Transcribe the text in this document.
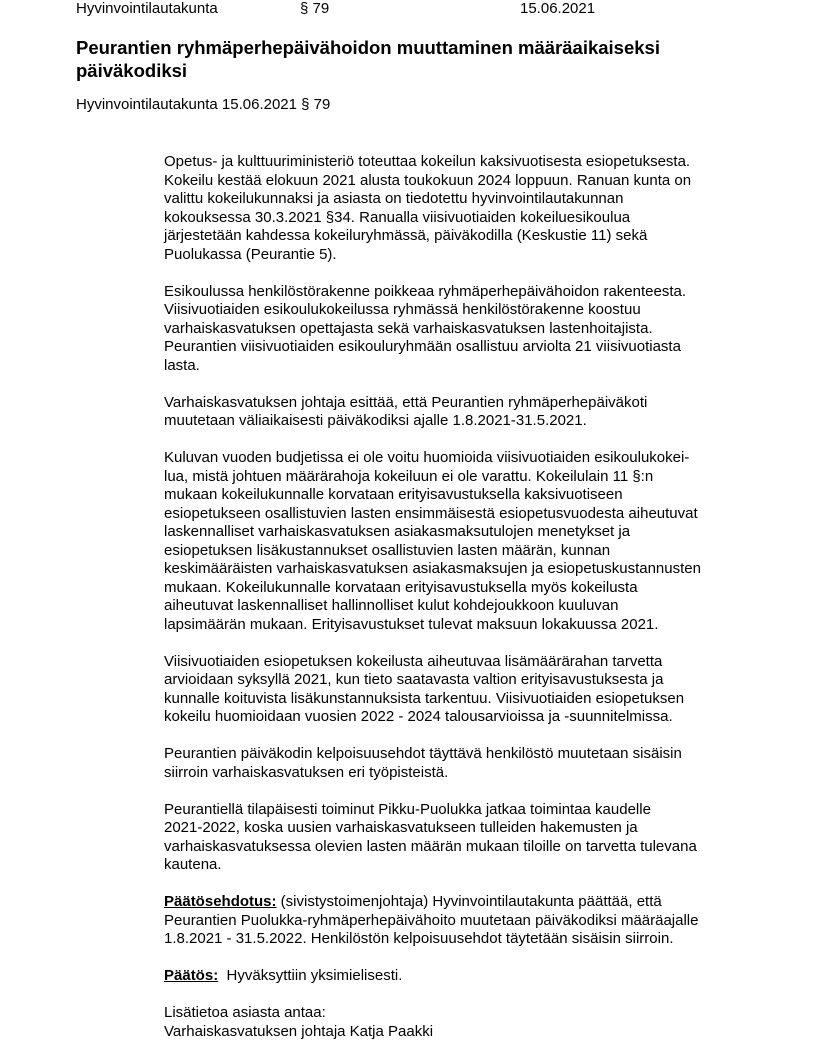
Hyvinvointilautakunta	§ 79	15.06.2021
Peurantien ryhmäperhepäivähoidon muuttaminen määräaikaiseksi
päiväkodiksi
Hyvinvointilautakunta 15.06.2021 § 79

Opetus- ja kulttuuriministeriö toteuttaa kokeilun kaksivuotisesta esiopetuksesta.
Kokeilu kestää elokuun 2021 alusta toukokuun 2024 loppuun. Ranuan kunta on
valittu kokeilukunnaksi ja asiasta on tiedotettu hyvinvointilautakunnan
kokouksessa 30.3.2021 §34. Ranualla viisivuotiaiden kokeiluesikoulua
järjestetään kahdessa kokeiluryhmässä, päiväkodilla (Keskustie 11) sekä
Puolukassa (Peurantie 5).

Esikoulussa henkilöstörakenne poikkeaa ryhmäperhepäivähoidon rakenteesta.
Viisivuotiaiden esikoulukokeilussa ryhmässä henkilöstörakenne koostuu
varhaiskasvatuksen opettajasta sekä varhaiskasvatuksen lastenhoitajista.
Peurantien viisivuotiaiden esikouluryhmään osallistuu arviolta 21 viisivuotiasta
lasta.

Varhaiskasvatuksen johtaja esittää, että Peurantien ryhmäperhepäiväkoti
muutetaan väliaikaisesti päiväkodiksi ajalle 1.8.2021-31.5.2021.

Kuluvan vuoden budjetissa ei ole voitu huomioida viisivuotiaiden esikoulukokei-
lua, mistä johtuen määrärahoja kokeiluun ei ole varattu. Kokeilulain 11 §:n
mukaan kokeilukunnalle korvataan erityisavustuksella kaksivuotiseen
esiopetukseen osallistuvien lasten ensimmäisestä esiopetusvuodesta aiheutuvat
laskennalliset varhaiskasvatuksen asiakasmaksutulojen menetykset ja
esiopetuksen lisäkustannukset osallistuvien lasten määrän, kunnan
keskimääräisten varhaiskasvatuksen asiakasmaksujen ja esiopetuskustannusten
mukaan. Kokeilukunnalle korvataan erityisavustuksella myös kokeilusta
aiheutuvat laskennalliset hallinnolliset kulut kohdejoukkoon kuuluvan
lapsimäärän mukaan. Erityisavustukset tulevat maksuun lokakuussa 2021.

Viisivuotiaiden esiopetuksen kokeilusta aiheutuvaa lisämäärärahan tarvetta
arvioidaan syksyllä 2021, kun tieto saatavasta valtion erityisavustuksesta ja
kunnalle koituvista lisäkunstannuksista tarkentuu. Viisivuotiaiden esiopetuksen
kokeilu huomioidaan vuosien 2022 - 2024 talousarvioissa ja -suunnitelmissa.

Peurantien päiväkodin kelpoisuusehdot täyttävä henkilöstö muutetaan sisäisin
siirroin varhaiskasvatuksen eri työpisteistä.

Peurantiellä tilapäisesti toiminut Pikku-Puolukka jatkaa toimintaa kaudelle
2021-2022, koska uusien varhaiskasvatukseen tulleiden hakemusten ja
varhaiskasvatuksessa olevien lasten määrän mukaan tiloille on tarvetta tulevana
kautena.

Päätösehdotus: (sivistystoimenjohtaja) Hyvinvointilautakunta päättää, että
Peurantien Puolukka-ryhmäperhepäivähoito muutetaan päiväkodiksi määräajalle
1.8.2021 - 31.5.2022. Henkilöstön kelpoisuusehdot täytetään sisäisin siirroin.

Päätös:  Hyväksyttiin yksimielisesti.

Lisätietoa asiasta antaa:
Varhaiskasvatuksen johtaja Katja Paakki
